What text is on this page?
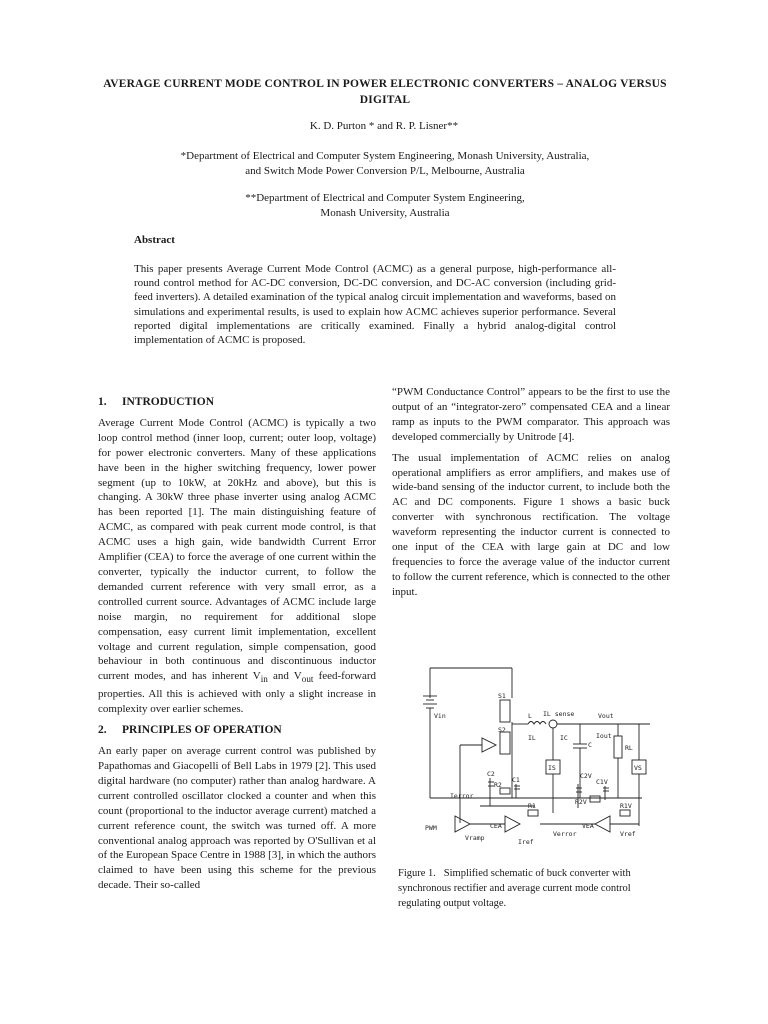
AVERAGE CURRENT MODE CONTROL IN POWER ELECTRONIC CONVERTERS – ANALOG VERSUS DIGITAL
K. D. Purton * and R. P. Lisner**
*Department of Electrical and Computer System Engineering, Monash University, Australia,
and Switch Mode Power Conversion P/L, Melbourne, Australia
**Department of Electrical and Computer System Engineering,
Monash University, Australia
Abstract
This paper presents Average Current Mode Control (ACMC) as a general purpose, high-performance all-round control method for AC-DC conversion, DC-DC conversion, and DC-AC conversion (including grid-feed inverters). A detailed examination of the typical analog circuit implementation and waveforms, based on simulations and experimental results, is used to explain how ACMC achieves superior performance. Several reported digital implementations are critically examined. Finally a hybrid analog-digital control implementation of ACMC is proposed.
1. INTRODUCTION

Average Current Mode Control (ACMC) is typically a two loop control method (inner loop, current; outer loop, voltage) for power electronic converters. Many of these applications have been in the higher switching frequency, lower power segment (up to 10kW, at 20kHz and above), but this is changing. A 30kW three phase inverter using analog ACMC has been reported [1]. The main distinguishing feature of ACMC, as compared with peak current mode control, is that ACMC uses a high gain, wide bandwidth Current Error Amplifier (CEA) to force the average of one current within the converter, typically the inductor current, to follow the demanded current reference with very small error, as a controlled current source. Advantages of ACMC include large noise margin, no requirement for additional slope compensation, easy current limit implementation, excellent voltage and current regulation, simple compensation, good behaviour in both continuous and discontinuous inductor current modes, and has inherent $V_{in}$ and $V_{out}$ feed-forward properties. All this is achieved with only a slight increase in complexity over earlier schemes.

2. PRINCIPLES OF OPERATION

An early paper on average current control was published by Papathomas and Giacopelli of Bell Labs in 1979 [2]. This used digital hardware (no computer) rather than analog hardware. A current controlled oscillator clocked a counter and when this count (proportional to the inductor average current) matched a current reference count, the switch was turned off. A more conventional analog approach was reported by O'Sullivan et al of the European Space Centre in 1988 [3], in which the authors claimed to have been using this scheme for the previous decade. Their so-called

“PWM Conductance Control” appears to be the first to use the output of an “integrator-zero” compensated CEA and a linear ramp as inputs to the PWM comparator. This approach was developed commercially by Unitrode [4].

The usual implementation of ACMC relies on analog operational amplifiers as error amplifiers, and makes use of wide-band sensing of the inductor current, to include both the AC and DC components. Figure 1 shows a basic buck converter with synchronous rectification. The voltage waveform representing the inductor current is connected to one input of the CEA with large gain at DC and low frequencies to force the average value of the inductor current to follow the current reference, which is connected to the other input.

S1
S2
Vin	L IL sense	Vout
IL	IC
C
Iout
RL
IS	VS
C2
R2
C1
R1
C2V
C1V
R2V	R1V
Ierror
PWM
Vramp
CEA
Iref
Verror
VEA
Vref
Figure 1. Simplified schematic of buck converter with synchronous rectifier and average current mode control regulating output voltage.
